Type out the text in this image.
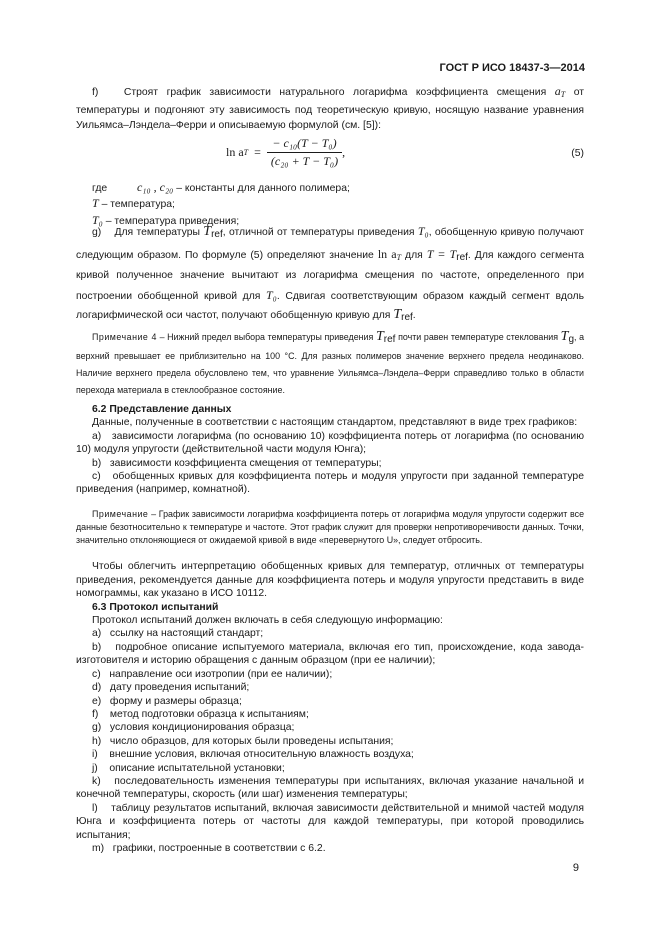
ГОСТ Р ИСО 18437-3—2014

f)   Строят график зависимости натурального логарифма коэффициента смещения aT от температуры и подгоняют эту зависимость под теоретическую кривую, носящую название уравнения Уильямса–Лэндела–Ферри и описываемую формулой (см. [5]):

ln a $T = \frac{\text{− c₁₀(T − T₀)}}{\text{(c₂₀ + T − T₀)}}$ ,	(5)

где c₁₀ , c₂₀ – константы для данного полимера;

T – температура;

T₀ – температура приведения;

g)    Для температуры Tref, отличной от температуры приведения T₀, обобщенную кривую получают следующим образом. По формуле (5) определяют значение ln aT для T = Tref. Для каждого сегмента кривой полученное значение вычитают из логарифма смещения по частоте, определенного при построении обобщенной кривой для T₀. Сдвигая соответствующим образом каждый сегмент вдоль логарифмической оси частот, получают обобщенную кривую для Tref.

Примечание 4 – Нижний предел выбора температуры приведения Tref почти равен температуре стеклования Tg, а верхний превышает ее приблизительно на 100 °С. Для разных полимеров значение верхнего предела неодинаково. Наличие верхнего предела обусловлено тем, что уравнение Уильямса–Лэндела–Ферри справедливо только в области перехода материала в стеклообразное состояние.

6.2 Представление данных

Данные, полученные в соответствии с настоящим стандартом, представляют в виде трех графиков:

a)   зависимости логарифма (по основанию 10) коэффициента потерь от логарифма (по основанию 10) модуля упругости (действительной части модуля Юнга);

b)   зависимости коэффициента смещения от температуры;

c)   обобщенных кривых для коэффициента потерь и модуля упругости при заданной температуре приведения (например, комнатной).

Примечание – График зависимости логарифма коэффициента потерь от логарифма модуля упругости содержит все данные безотносительно к температуре и частоте. Этот график служит для проверки непротиворечивости данных. Точки, значительно отклоняющиеся от ожидаемой кривой в виде «перевернутого U», следует отбросить.

Чтобы облегчить интерпретацию обобщенных кривых для температур, отличных от температуры приведения, рекомендуется данные для коэффициента потерь и модуля упругости представить в виде номограммы, как указано в ИСО 10112.

6.3 Протокол испытаний

Протокол испытаний должен включать в себя следующую информацию:

a)   ссылку на настоящий стандарт;

b)   подробное описание испытуемого материала, включая его тип, происхождение, кода завода-изготовителя и историю обращения с данным образцом (при ее наличии);

c)   направление оси изотропии (при ее наличии);

d)   дату проведения испытаний;

e)   форму и размеры образца;

f)    метод подготовки образца к испытаниям;

g)   условия кондиционирования образца;

h)   число образцов, для которых были проведены испытания;

i)    внешние условия, включая относительную влажность воздуха;

j)    описание испытательной установки;

k)   последовательность изменения температуры при испытаниях, включая указание начальной и конечной температуры, скорость (или шаг) изменения температуры;

l)    таблицу результатов испытаний, включая зависимости действительной и мнимой частей модуля Юнга и коэффициента потерь от частоты для каждой температуры, при которой проводились испытания;

m)   графики, построенные в соответствии с 6.2.

9
